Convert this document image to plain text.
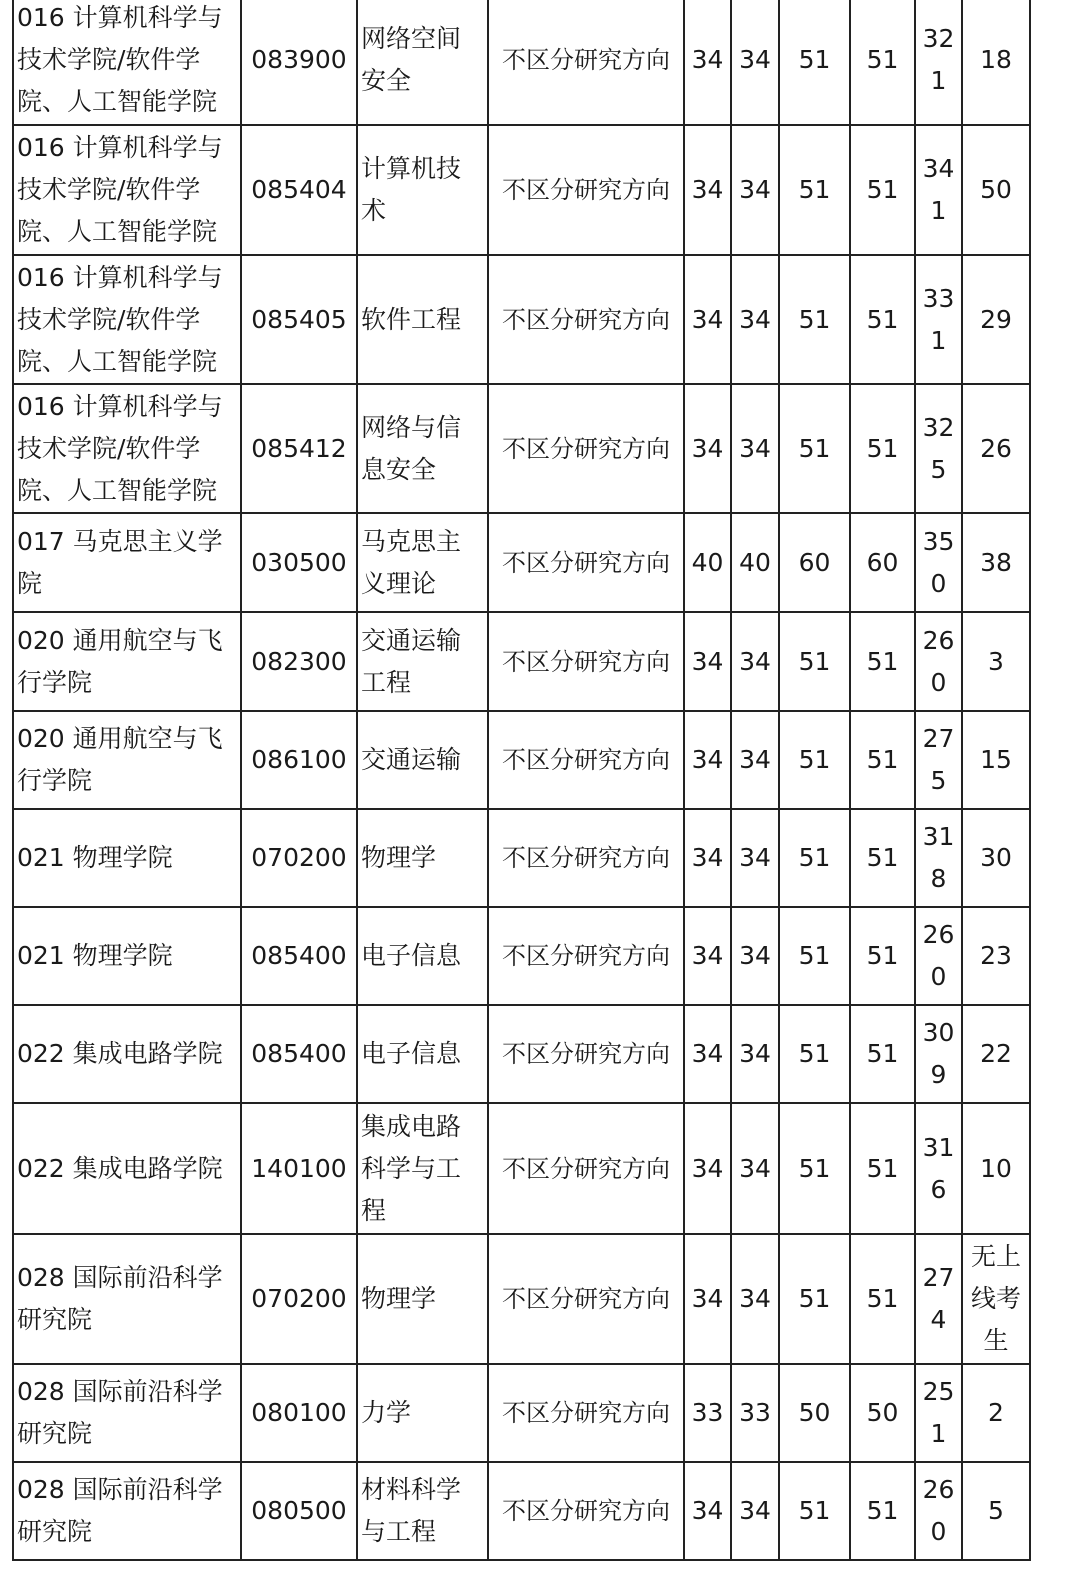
016 计算机科学与技术学院/软件学院、人工智能学院	083900	网络空间安全	不区分研究方向	34	34	51	51	321	18
016 计算机科学与技术学院/软件学院、人工智能学院	085404	计算机技术	不区分研究方向	34	34	51	51	341	50
016 计算机科学与技术学院/软件学院、人工智能学院	085405	软件工程	不区分研究方向	34	34	51	51	331	29
016 计算机科学与技术学院/软件学院、人工智能学院	085412	网络与信息安全	不区分研究方向	34	34	51	51	325	26
017 马克思主义学院	030500	马克思主义理论	不区分研究方向	40	40	60	60	350	38
020 通用航空与飞行学院	082300	交通运输工程	不区分研究方向	34	34	51	51	260	3
020 通用航空与飞行学院	086100	交通运输	不区分研究方向	34	34	51	51	275	15
021 物理学院	070200	物理学	不区分研究方向	34	34	51	51	318	30
021 物理学院	085400	电子信息	不区分研究方向	34	34	51	51	260	23
022 集成电路学院	085400	电子信息	不区分研究方向	34	34	51	51	309	22
022 集成电路学院	140100	集成电路科学与工程	不区分研究方向	34	34	51	51	316	10
028 国际前沿科学研究院	070200	物理学	不区分研究方向	34	34	51	51	274	无上线考生
028 国际前沿科学研究院	080100	力学	不区分研究方向	33	33	50	50	251	2
028 国际前沿科学研究院	080500	材料科学与工程	不区分研究方向	34	34	51	51	260	5
